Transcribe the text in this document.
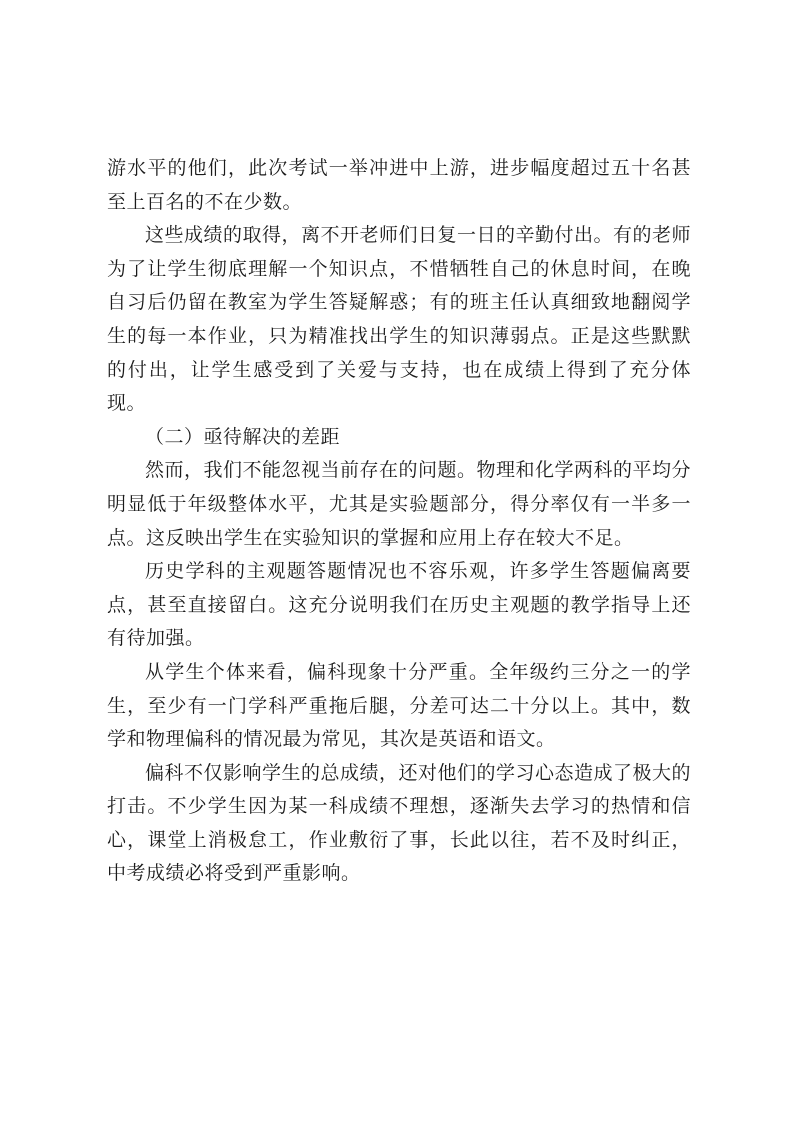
游水平的他们，此次考试一举冲进中上游，进步幅度超过五十名甚至上百名的不在少数。

这些成绩的取得，离不开老师们日复一日的辛勤付出。有的老师为了让学生彻底理解一个知识点，不惜牺牲自己的休息时间，在晚自习后仍留在教室为学生答疑解惑；有的班主任认真细致地翻阅学生的每一本作业，只为精准找出学生的知识薄弱点。正是这些默默的付出，让学生感受到了关爱与支持，也在成绩上得到了充分体现。

（二）亟待解决的差距

然而，我们不能忽视当前存在的问题。物理和化学两科的平均分明显低于年级整体水平，尤其是实验题部分，得分率仅有一半多一点。这反映出学生在实验知识的掌握和应用上存在较大不足。

历史学科的主观题答题情况也不容乐观，许多学生答题偏离要点，甚至直接留白。这充分说明我们在历史主观题的教学指导上还有待加强。

从学生个体来看，偏科现象十分严重。全年级约三分之一的学生，至少有一门学科严重拖后腿，分差可达二十分以上。其中，数学和物理偏科的情况最为常见，其次是英语和语文。

偏科不仅影响学生的总成绩，还对他们的学习心态造成了极大的打击。不少学生因为某一科成绩不理想，逐渐失去学习的热情和信心，课堂上消极怠工，作业敷衍了事，长此以往，若不及时纠正，中考成绩必将受到严重影响。
